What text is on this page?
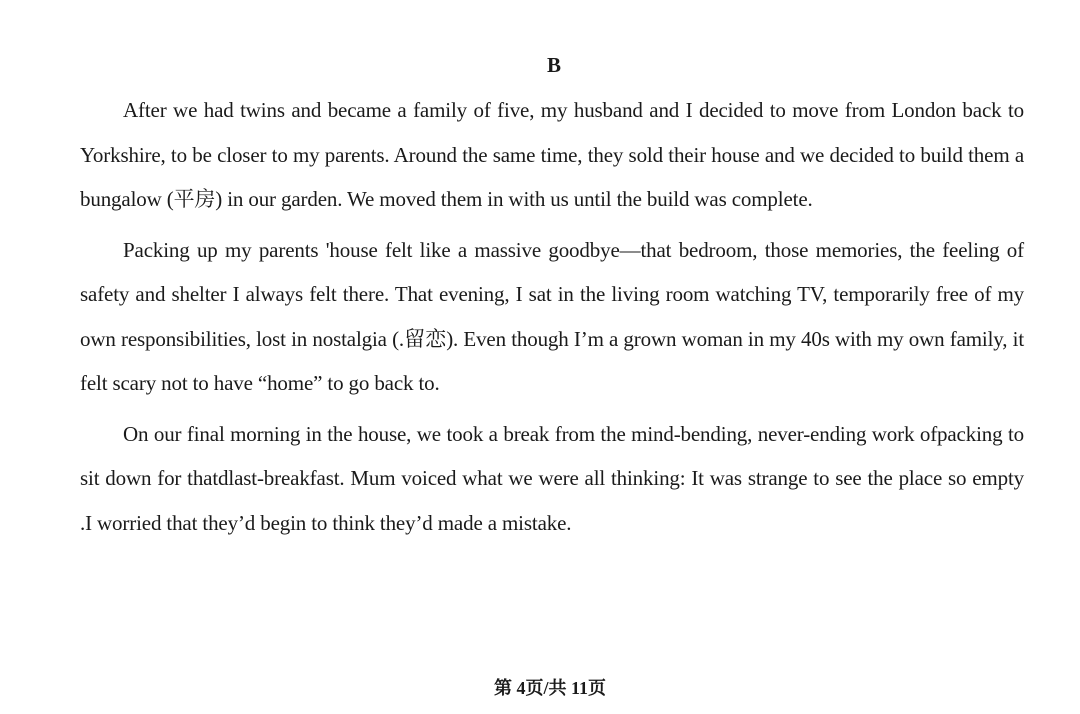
B

After we had twins and became a family of five, my husband and I decided to move from London back to Yorkshire, to be closer to my parents. Around the same time, they sold their house and we decided to build them a bungalow (平房) in our garden. We moved them in with us until the build was complete.

Packing up my parents 'house felt like a massive goodbye—that bedroom, those memories, the feeling of safety and shelter I always felt there. That evening, I sat in the living room watching TV, temporarily free of my own responsibilities, lost in nostalgia (.留恋). Even though I’m a grown woman in my 40s with my own family, it felt scary not to have “home” to go back to.

On our final morning in the house, we took a break from the mind-bending, never-ending work ofpacking to sit down for thatdlast-breakfast. Mum voiced what we were all thinking: It was strange to see the place so empty .I worried that they’d begin to think they’d made a mistake.

第 4页/共 11页
